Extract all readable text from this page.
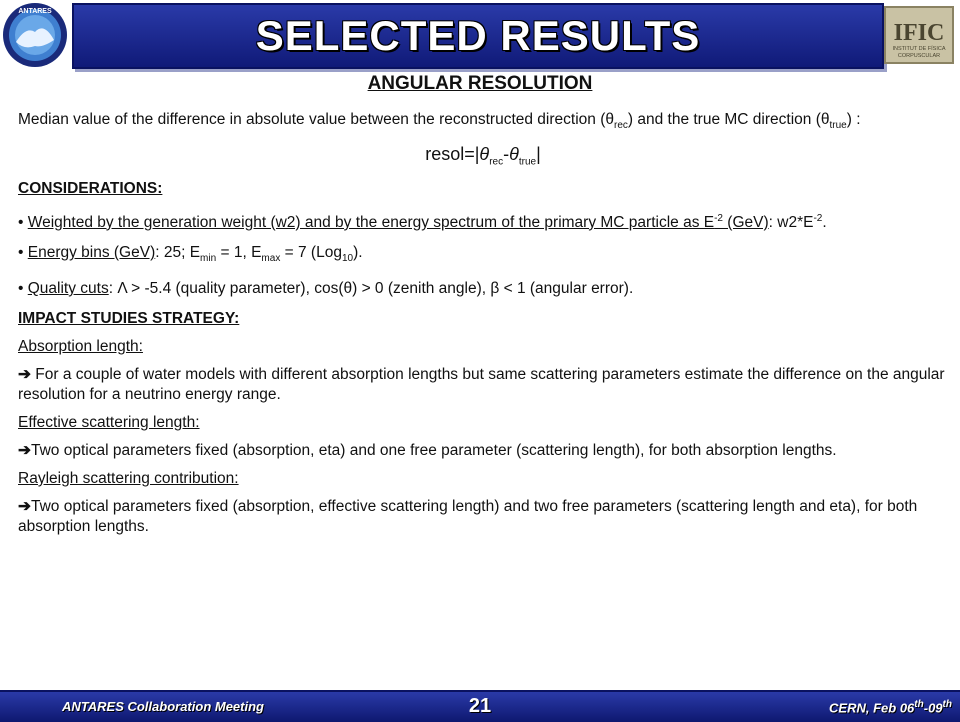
ANTARES
SELECTED RESULTS	IFIC
INSTITUT DE FÍSICA
CORPUSCULAR
ANGULAR RESOLUTION

Median value of the difference in absolute value between the reconstructed direction $(\theta_{rec})$ and the true MC direction $(\theta_{true})$ :

$resol=|\theta_{rec}-\theta_{true}|$

CONSIDERATIONS:

• Weighted by the generation weight (w2) and by the energy spectrum of the primary MC particle as $E^{-2}$ (GeV): $w2*E^{-2}$.

• Energy bins (GeV): 25; $E_{min} = 1$, $E_{max} = 7$ (Log$_{10}$).

• Quality cuts: Λ > -5.4 (quality parameter), cos(θ) > 0 (zenith angle), β < 1 (angular error).

IMPACT STUDIES STRATEGY:

Absorption length:

➔ For a couple of water models with different absorption lengths but same scattering parameters estimate the difference on the angular resolution for a neutrino energy range.

Effective scattering length:

➔Two optical parameters fixed (absorption, eta) and one free parameter (scattering length), for both absorption lengths.

Rayleigh scattering contribution:

➔Two optical parameters fixed (absorption, effective scattering length) and two free parameters (scattering length and eta), for both absorption lengths.

ANTARES Collaboration Meeting	21	CERN, Feb 06th-09th
